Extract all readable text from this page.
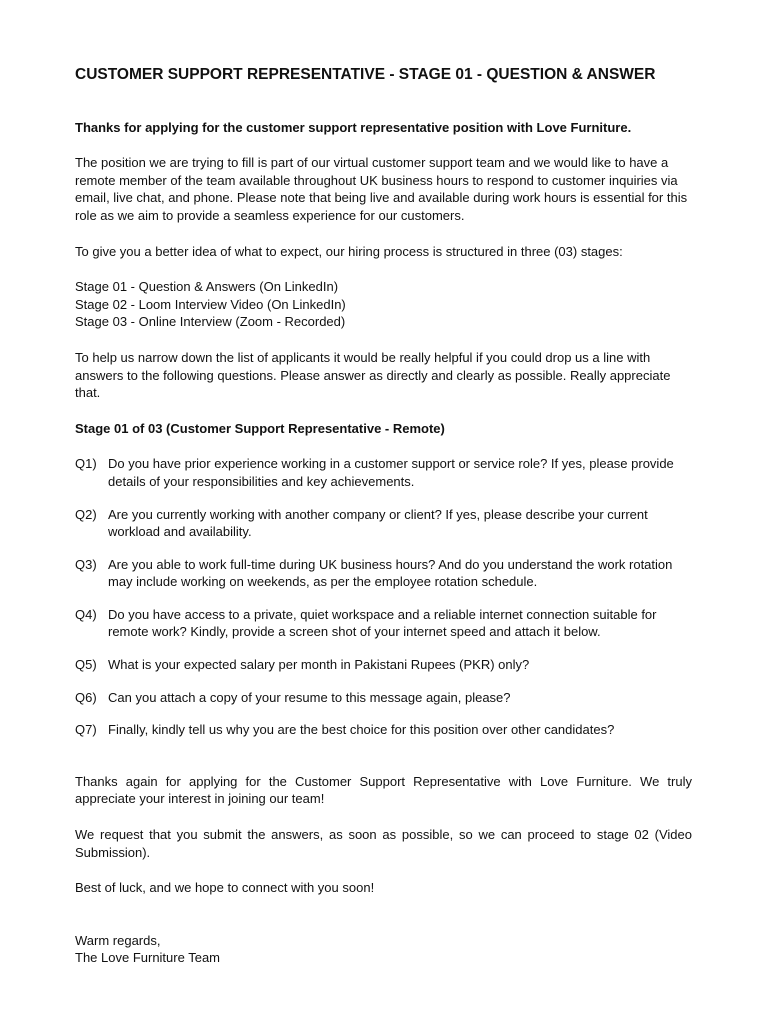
CUSTOMER SUPPORT REPRESENTATIVE - STAGE 01 - QUESTION & ANSWER

Thanks for applying for the customer support representative position with Love Furniture.

The position we are trying to fill is part of our virtual customer support team and we would like to have a remote member of the team available throughout UK business hours to respond to customer inquiries via email, live chat, and phone. Please note that being live and available during work hours is essential for this role as we aim to provide a seamless experience for our customers.

To give you a better idea of what to expect, our hiring process is structured in three (03) stages:

Stage 01 - Question & Answers (On LinkedIn)
Stage 02 - Loom Interview Video (On LinkedIn)
Stage 03 - Online Interview (Zoom - Recorded)

To help us narrow down the list of applicants it would be really helpful if you could drop us a line with answers to the following questions. Please answer as directly and clearly as possible. Really appreciate that.

Stage 01 of 03 (Customer Support Representative - Remote)

Q1) Do you have prior experience working in a customer support or service role? If yes, please provide details of your responsibilities and key achievements.
Q2) Are you currently working with another company or client? If yes, please describe your current workload and availability.
Q3) Are you able to work full-time during UK business hours? And do you understand the work rotation may include working on weekends, as per the employee rotation schedule.
Q4) Do you have access to a private, quiet workspace and a reliable internet connection suitable for remote work? Kindly, provide a screen shot of your internet speed and attach it below.
Q5) What is your expected salary per month in Pakistani Rupees (PKR) only?
Q6) Can you attach a copy of your resume to this message again, please?
Q7) Finally, kindly tell us why you are the best choice for this position over other candidates?

Thanks again for applying for the Customer Support Representative with Love Furniture. We truly appreciate your interest in joining our team!

We request that you submit the answers, as soon as possible, so we can proceed to stage 02 (Video Submission).

Best of luck, and we hope to connect with you soon!

Warm regards,
The Love Furniture Team
